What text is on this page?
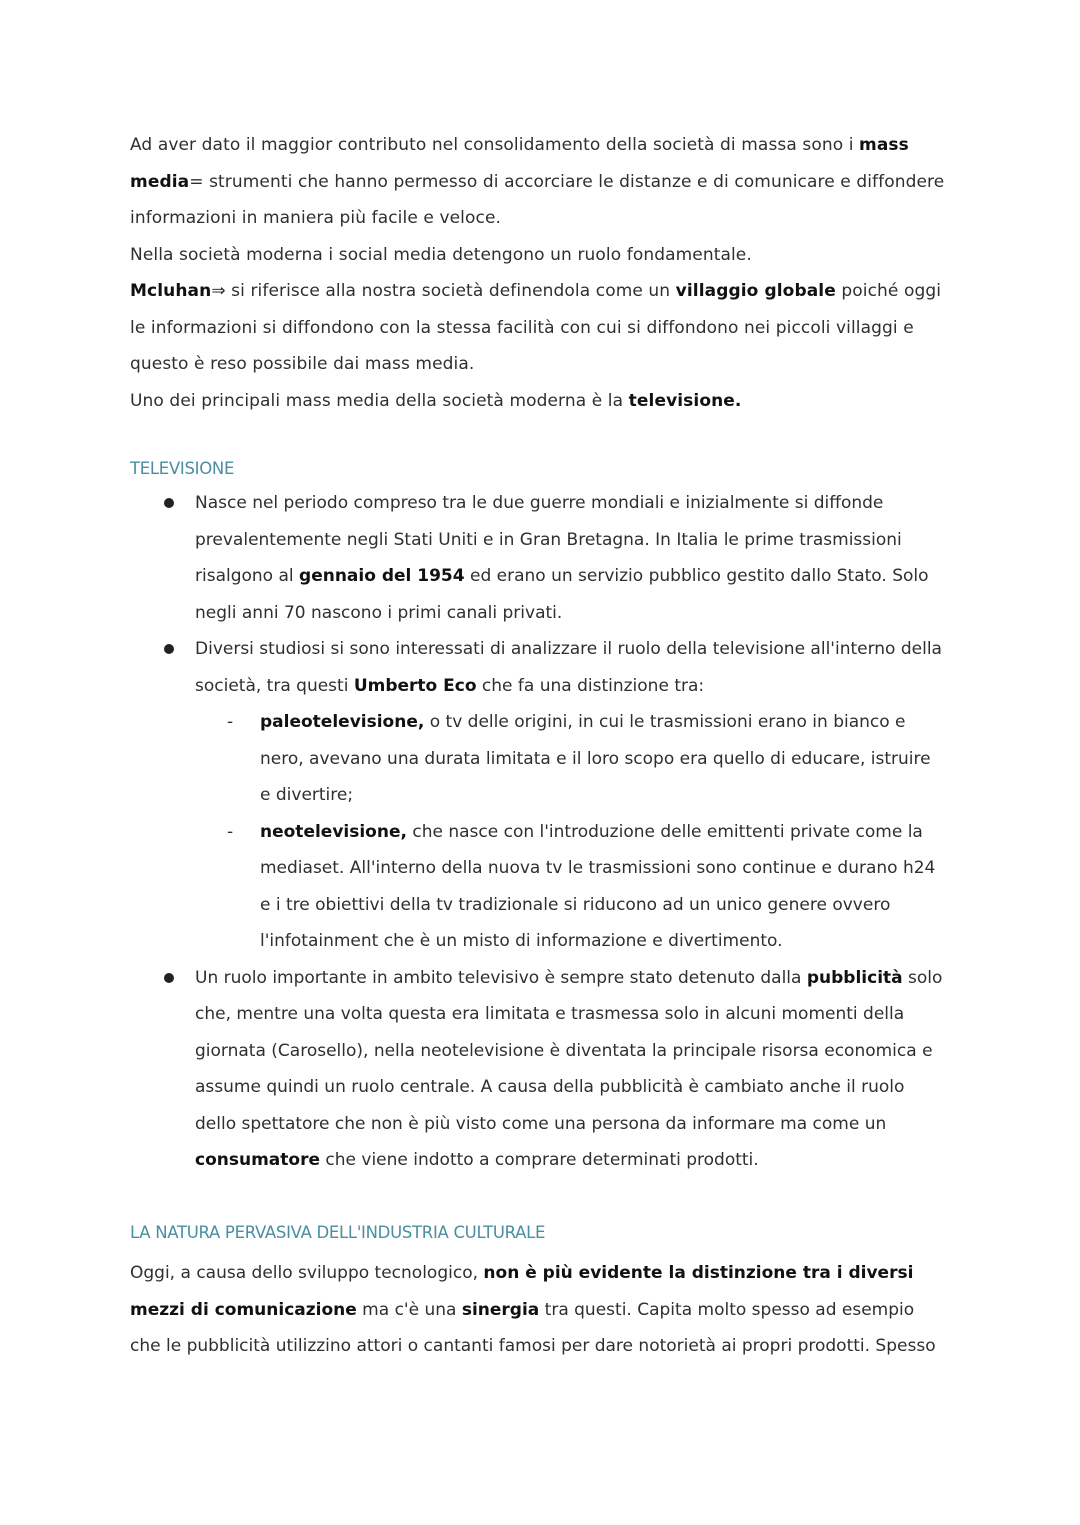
Ad aver dato il maggior contributo nel consolidamento della società di massa sono i mass media= strumenti che hanno permesso di accorciare le distanze e di comunicare e diffondere informazioni in maniera più facile e veloce.

Nella società moderna i social media detengono un ruolo fondamentale.

Mcluhan⇒ si riferisce alla nostra società definendola come un villaggio globale poiché oggi le informazioni si diffondono con la stessa facilità con cui si diffondono nei piccoli villaggi e questo è reso possibile dai mass media.

Uno dei principali mass media della società moderna è la televisione.

TELEVISIONE
Nasce nel periodo compreso tra le due guerre mondiali e inizialmente si diffonde prevalentemente negli Stati Uniti e in Gran Bretagna. In Italia le prime trasmissioni risalgono al gennaio del 1954 ed erano un servizio pubblico gestito dallo Stato. Solo negli anni 70 nascono i primi canali privati.
Diversi studiosi si sono interessati di analizzare il ruolo della televisione all'interno della società, tra questi Umberto Eco che fa una distinzione tra:
- paleotelevisione, o tv delle origini, in cui le trasmissioni erano in bianco e nero, avevano una durata limitata e il loro scopo era quello di educare, istruire e divertire;
- neotelevisione, che nasce con l'introduzione delle emittenti private come la mediaset. All'interno della nuova tv le trasmissioni sono continue e durano h24 e i tre obiettivi della tv tradizionale si riducono ad un unico genere ovvero l'infotainment che è un misto di informazione e divertimento.
Un ruolo importante in ambito televisivo è sempre stato detenuto dalla pubblicità solo che, mentre una volta questa era limitata e trasmessa solo in alcuni momenti della giornata (Carosello), nella neotelevisione è diventata la principale risorsa economica e assume quindi un ruolo centrale. A causa della pubblicità è cambiato anche il ruolo dello spettatore che non è più visto come una persona da informare ma come un consumatore che viene indotto a comprare determinati prodotti.
LA NATURA PERVASIVA DELL'INDUSTRIA CULTURALE

Oggi, a causa dello sviluppo tecnologico, non è più evidente la distinzione tra i diversi mezzi di comunicazione ma c'è una sinergia tra questi. Capita molto spesso ad esempio che le pubblicità utilizzino attori o cantanti famosi per dare notorietà ai propri prodotti. Spesso
